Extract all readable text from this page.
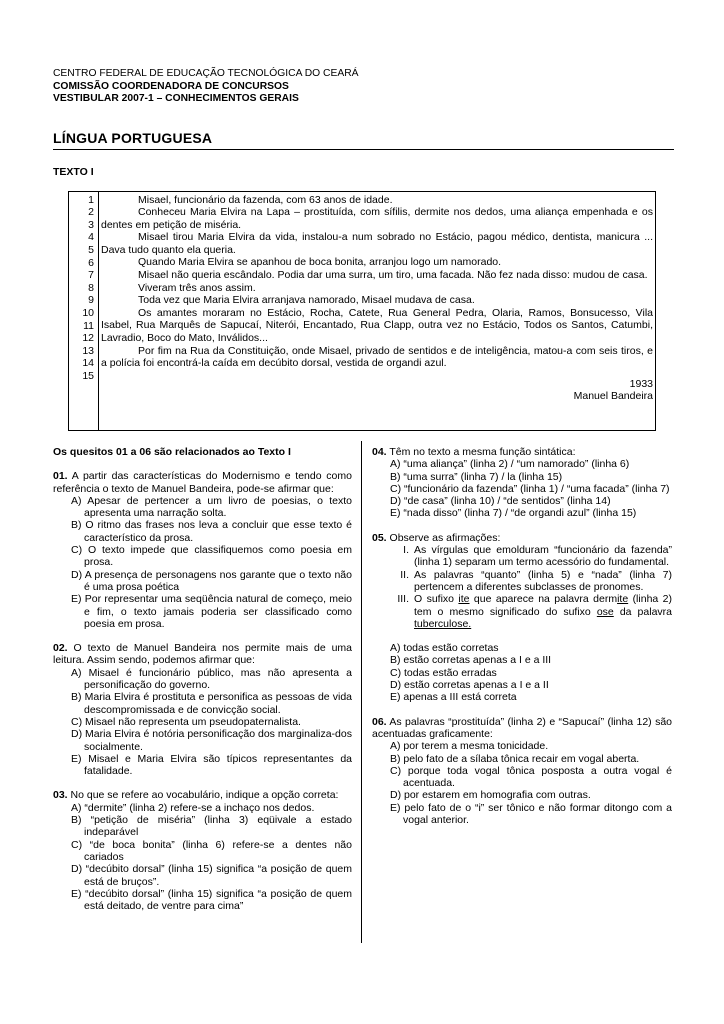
CENTRO FEDERAL DE EDUCAÇÃO TECNOLÓGICA DO CEARÁ
COMISSÃO COORDENADORA DE CONCURSOS
VESTIBULAR 2007-1 – CONHECIMENTOS GERAIS
LÍNGUA PORTUGUESA
TEXTO I
1
2
3
4
5
6
7
8
9
10
11
12
13
14
15

Misael, funcionário da fazenda, com 63 anos de idade.

Conheceu Maria Elvira na Lapa – prostituída, com sífilis, dermite nos dedos, uma aliança empenhada e os dentes em petição de miséria.

Misael tirou Maria Elvira da vida, instalou-a num sobrado no Estácio, pagou médico, dentista, manicura ... Dava tudo quanto ela queria.

Quando Maria Elvira se apanhou de boca bonita, arranjou logo um namorado.

Misael não queria escândalo. Podia dar uma surra, um tiro, uma facada. Não fez nada disso: mudou de casa.

Viveram três anos assim.

Toda vez que Maria Elvira arranjava namorado, Misael mudava de casa.

Os amantes moraram no Estácio, Rocha, Catete, Rua General Pedra, Olaria, Ramos, Bonsucesso, Vila Isabel, Rua Marquês de Sapucaí, Niterói, Encantado, Rua Clapp, outra vez no Estácio, Todos os Santos, Catumbi, Lavradio, Boco do Mato, Inválidos...

Por fim na Rua da Constituição, onde Misael, privado de sentidos e de inteligência, matou-a com seis tiros, e a polícia foi encontrá-la caída em decúbito dorsal, vestida de organdi azul.

1933

Manuel Bandeira

Os quesitos 01 a 06 são relacionados ao Texto I
01. A partir das características do Modernismo e tendo como referência o texto de Manuel Bandeira, pode-se afirmar que:
A) Apesar de pertencer a um livro de poesias, o texto apresenta uma narração solta.
B) O ritmo das frases nos leva a concluir que esse texto é característico da prosa.
C) O texto impede que classifiquemos como poesia em prosa.
D) A presença de personagens nos garante que o texto não é uma prosa poética
E) Por representar uma seqüência natural de começo, meio e fim, o texto jamais poderia ser classificado como poesia em prosa.
02. O texto de Manuel Bandeira nos permite mais de uma leitura. Assim sendo, podemos afirmar que:
A) Misael é funcionário público, mas não apresenta a personificação do governo.
B) Maria Elvira é prostituta e personifica as pessoas de vida descompromissada e de convicção social.
C) Misael não representa um pseudopaternalista.
D) Maria Elvira é notória personificação dos marginaliza-dos socialmente.
E) Misael e Maria Elvira são típicos representantes da fatalidade.
03. No que se refere ao vocabulário, indique a opção correta:
A) “dermite” (linha 2) refere-se a inchaço nos dedos.
B) “petição de miséria” (linha 3) eqüivale a estado indeparável
C) “de boca bonita” (linha 6) refere-se a dentes não cariados
D) “decúbito dorsal” (linha 15) significa “a posição de quem está de bruços”.
E) “decúbito dorsal” (linha 15) significa “a posição de quem está deitado, de ventre para cima”
04. Têm no texto a mesma função sintática:
A) “uma aliança” (linha 2) / “um namorado” (linha 6)
B) “uma surra” (linha 7) / la (linha 15)
C) “funcionário da fazenda” (linha 1) / “uma facada” (linha 7)
D) “de casa” (linha 10) / “de sentidos” (linha 14)
E) “nada disso” (linha 7) / “de organdi azul” (linha 15)
05. Observe as afirmações:
I. As vírgulas que emolduram “funcionário da fazenda” (linha 1) separam um termo acessório do fundamental.
II. As palavras “quanto” (linha 5) e “nada” (linha 7) pertencem a diferentes subclasses de pronomes.
III. O sufixo ite que aparece na palavra dermite (linha 2) tem o mesmo significado do sufixo ose da palavra tuberculose.
A) todas estão corretas
B) estão corretas apenas a I e a III
C) todas estão erradas
D) estão corretas apenas a I e a II
E) apenas a III está correta
06. As palavras “prostituída” (linha 2) e “Sapucaí” (linha 12) são acentuadas graficamente:
A) por terem a mesma tonicidade.
B) pelo fato de a sílaba tônica recair em vogal aberta.
C) porque toda vogal tônica posposta a outra vogal é acentuada.
D) por estarem em homografia com outras.
E) pelo fato de o “i” ser tônico e não formar ditongo com a vogal anterior.
